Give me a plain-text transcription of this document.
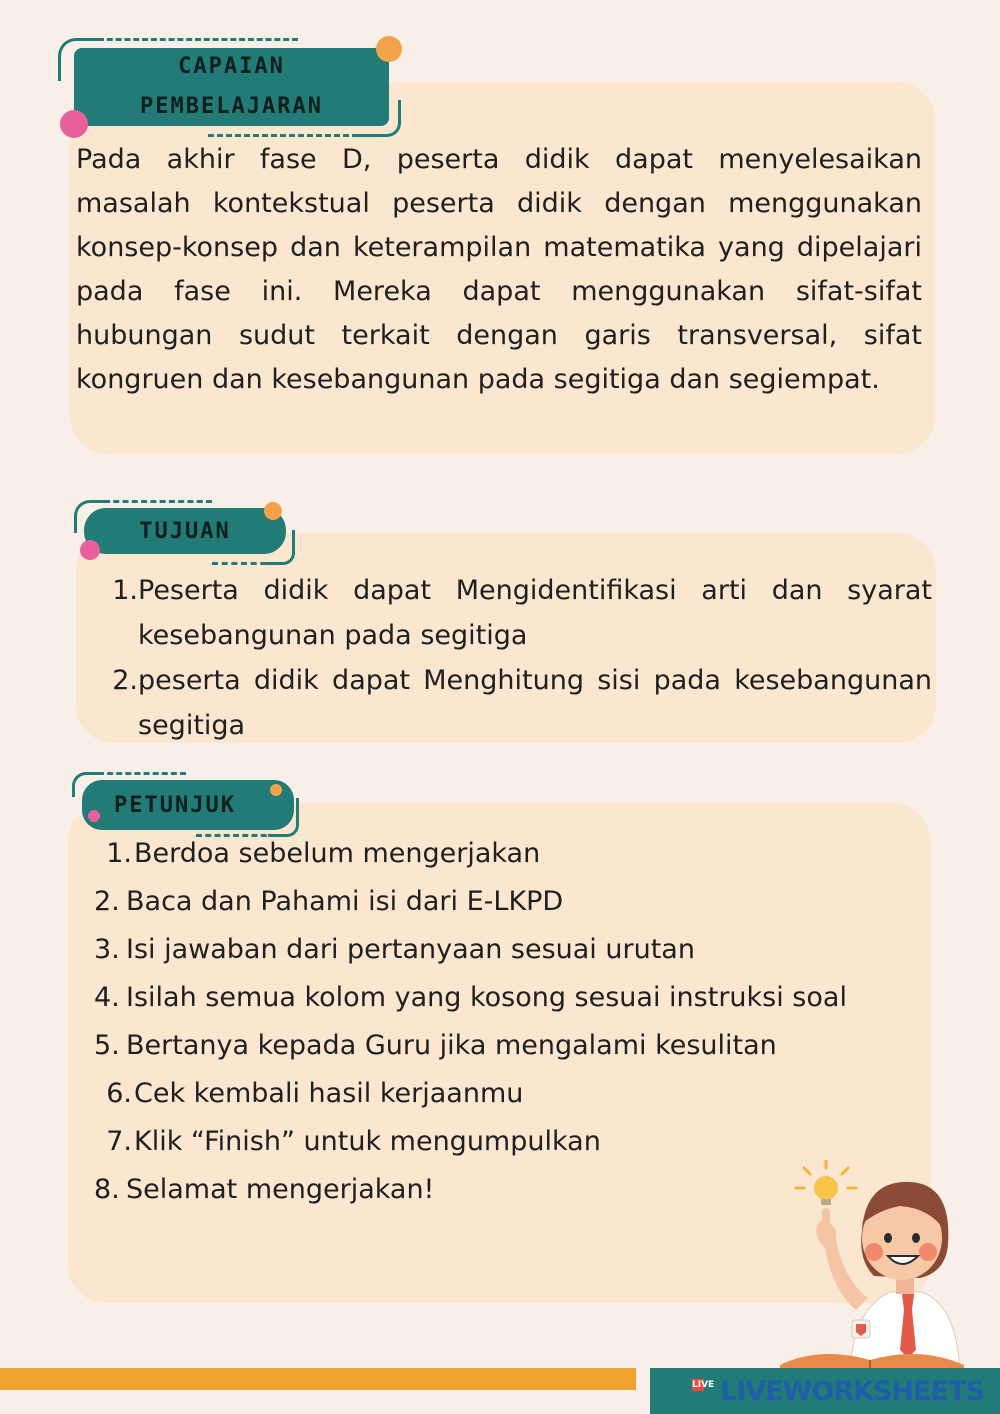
CAPAIAN
PEMBELAJARAN

Pada akhir fase D, peserta didik dapat menyelesaikan masalah kontekstual peserta didik dengan menggunakan konsep-konsep dan keterampilan matematika yang dipelajari pada fase ini. Mereka dapat menggunakan sifat-sifat hubungan sudut terkait dengan garis transversal, sifat kongruen dan kesebangunan pada segitiga dan segiempat.

TUJUAN
1. Peserta didik dapat Mengidentifikasi arti dan syarat kesebangunan pada segitiga
2. peserta didik dapat Menghitung sisi pada kesebangunan segitiga
PETUNJUK
1. Berdoa sebelum mengerjakan
2. Baca dan Pahami isi dari E-LKPD
3. Isi jawaban dari pertanyaan sesuai urutan
4. Isilah semua kolom yang kosong sesuai instruksi soal
5. Bertanya kepada Guru jika mengalami kesulitan
6. Cek kembali hasil kerjaanmu
7. Klik “Finish” untuk mengumpulkan
8. Selamat mengerjakan!
LIVE LIVEWORKSHEETS
